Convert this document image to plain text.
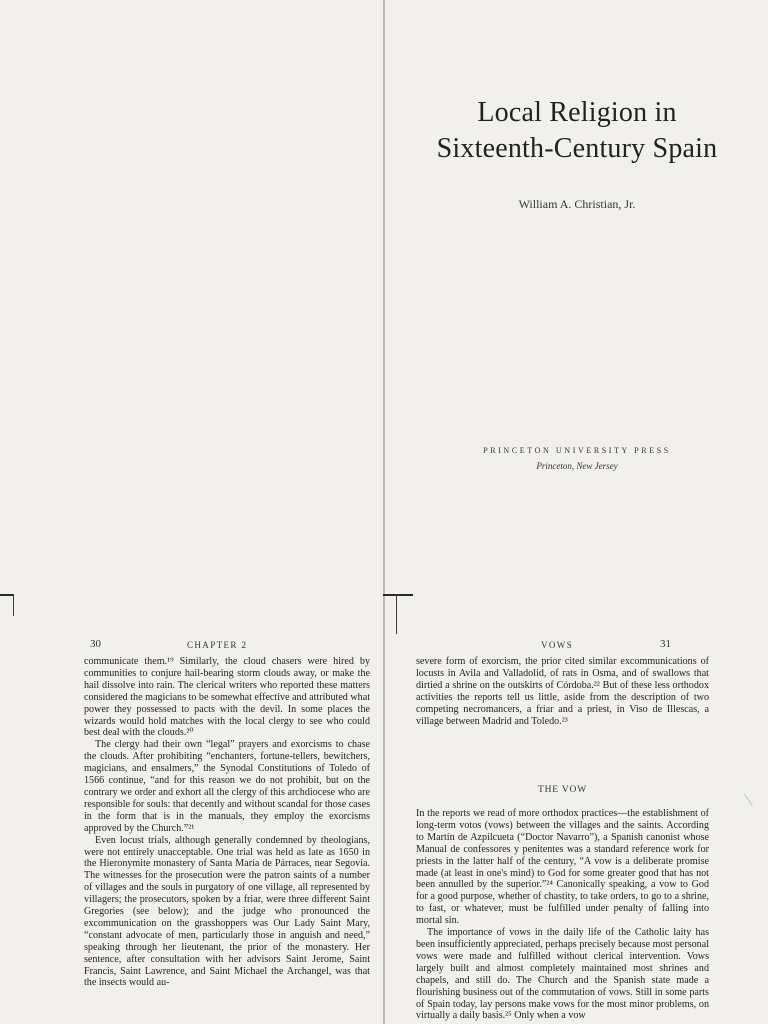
Local Religion in
Sixteenth-Century Spain
William A. Christian, Jr.
PRINCETON UNIVERSITY PRESS
Princeton, New Jersey
30	CHAPTER 2

communicate them.¹⁹ Similarly, the cloud chasers were hired by communities to conjure hail-bearing storm clouds away, or make the hail dissolve into rain. The clerical writers who reported these matters considered the magicians to be somewhat effective and attributed what power they possessed to pacts with the devil. In some places the wizards would hold matches with the local clergy to see who could best deal with the clouds.²⁰

The clergy had their own “legal” prayers and exorcisms to chase the clouds. After prohibiting “enchanters, fortune-tellers, bewitchers, magicians, and ensalmers,” the Synodal Constitutions of Toledo of 1566 continue, “and for this reason we do not prohibit, but on the contrary we order and exhort all the clergy of this archdiocese who are responsible for souls: that decently and without scandal for those cases in the form that is in the manuals, they employ the exorcisms approved by the Church.”²¹

Even locust trials, although generally condemned by theologians, were not entirely unacceptable. One trial was held as late as 1650 in the Hieronymite monastery of Santa María de Párraces, near Segovia. The witnesses for the prosecution were the patron saints of a number of villages and the souls in purgatory of one village, all represented by villagers; the prosecutors, spoken by a friar, were three different Saint Gregories (see below); and the judge who pronounced the excommunication on the grasshoppers was Our Lady Saint Mary, “constant advocate of men, particularly those in anguish and need,” speaking through her lieutenant, the prior of the monastery. Her sentence, after consultation with her advisors Saint Jerome, Saint Francis, Saint Lawrence, and Saint Michael the Archangel, was that the insects would au-

VOWS	31

severe form of exorcism, the prior cited similar excommunications of locusts in Avila and Valladolid, of rats in Osma, and of swallows that dirtied a shrine on the outskirts of Córdoba.²² But of these less orthodox activities the reports tell us little, aside from the description of two competing necromancers, a friar and a priest, in Viso de Illescas, a village between Madrid and Toledo.²³

THE VOW

In the reports we read of more orthodox practices—the establishment of long-term votos (vows) between the villages and the saints. According to Martín de Azpilcueta (“Doctor Navarro”), a Spanish canonist whose Manual de confessores y penitentes was a standard reference work for priests in the latter half of the century, “A vow is a deliberate promise made (at least in one's mind) to God for some greater good that has not been annulled by the superior.”²⁴ Canonically speaking, a vow to God for a good purpose, whether of chastity, to take orders, to go to a shrine, to fast, or whatever, must be fulfilled under penalty of falling into mortal sin.

The importance of vows in the daily life of the Catholic laity has been insufficiently appreciated, perhaps precisely because most personal vows were made and fulfilled without clerical intervention. Vows largely built and almost completely maintained most shrines and chapels, and still do. The Church and the Spanish state made a flourishing business out of the commutation of vows. Still in some parts of Spain today, lay persons make vows for the most minor problems, on virtually a daily basis.²⁵ Only when a vow
